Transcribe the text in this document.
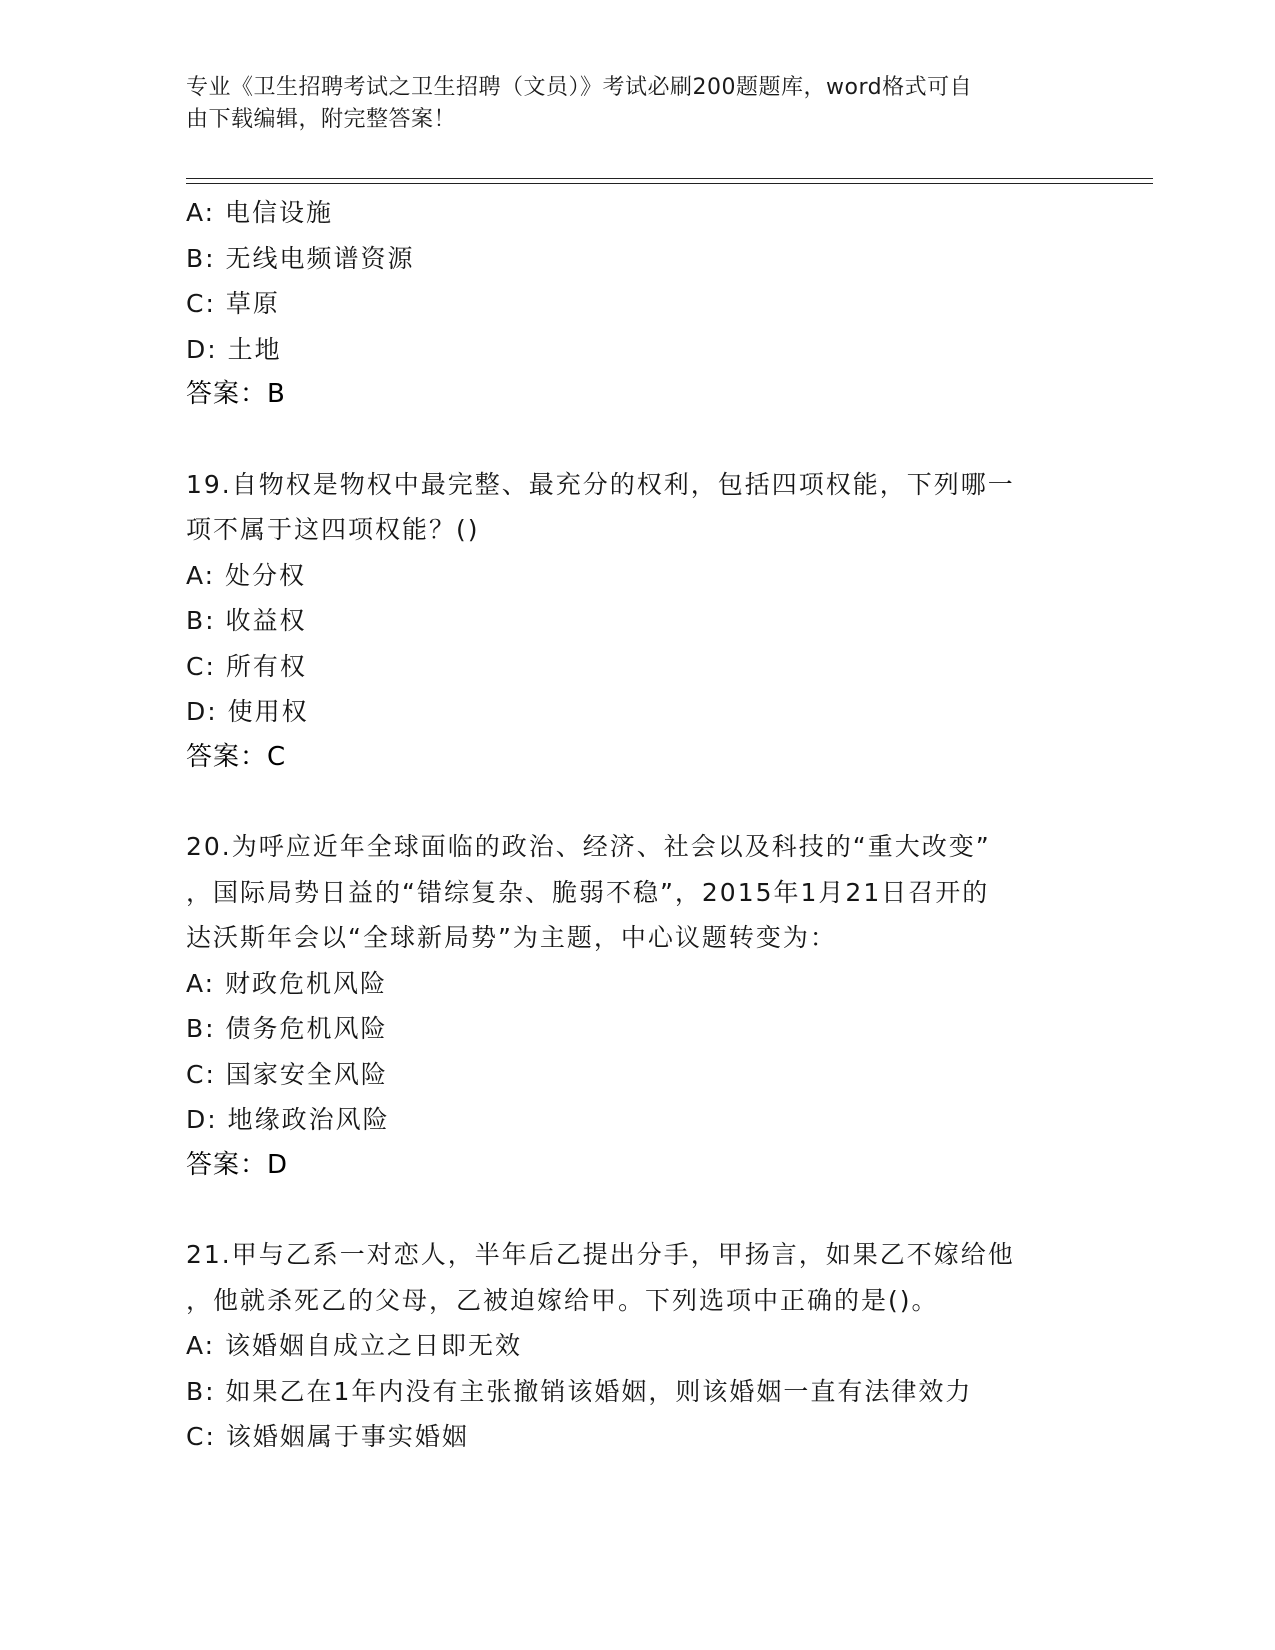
专业《卫生招聘考试之卫生招聘（文员）》考试必刷200题题库，word格式可自
由下载编辑，附完整答案！
A: 电信设施
B: 无线电频谱资源
C: 草原
D: 土地
答案：B
19.自物权是物权中最完整、最充分的权利，包括四项权能，下列哪一
项不属于这四项权能？()
A: 处分权
B: 收益权
C: 所有权
D: 使用权
答案：C
20.为呼应近年全球面临的政治、经济、社会以及科技的“重大改变”
，国际局势日益的“错综复杂、脆弱不稳”，2015年1月21日召开的
达沃斯年会以“全球新局势”为主题，中心议题转变为：
A: 财政危机风险
B: 债务危机风险
C: 国家安全风险
D: 地缘政治风险
答案：D
21.甲与乙系一对恋人，半年后乙提出分手，甲扬言，如果乙不嫁给他
，他就杀死乙的父母，乙被迫嫁给甲。下列选项中正确的是()。
A: 该婚姻自成立之日即无效
B: 如果乙在1年内没有主张撤销该婚姻，则该婚姻一直有法律效力
C: 该婚姻属于事实婚姻
